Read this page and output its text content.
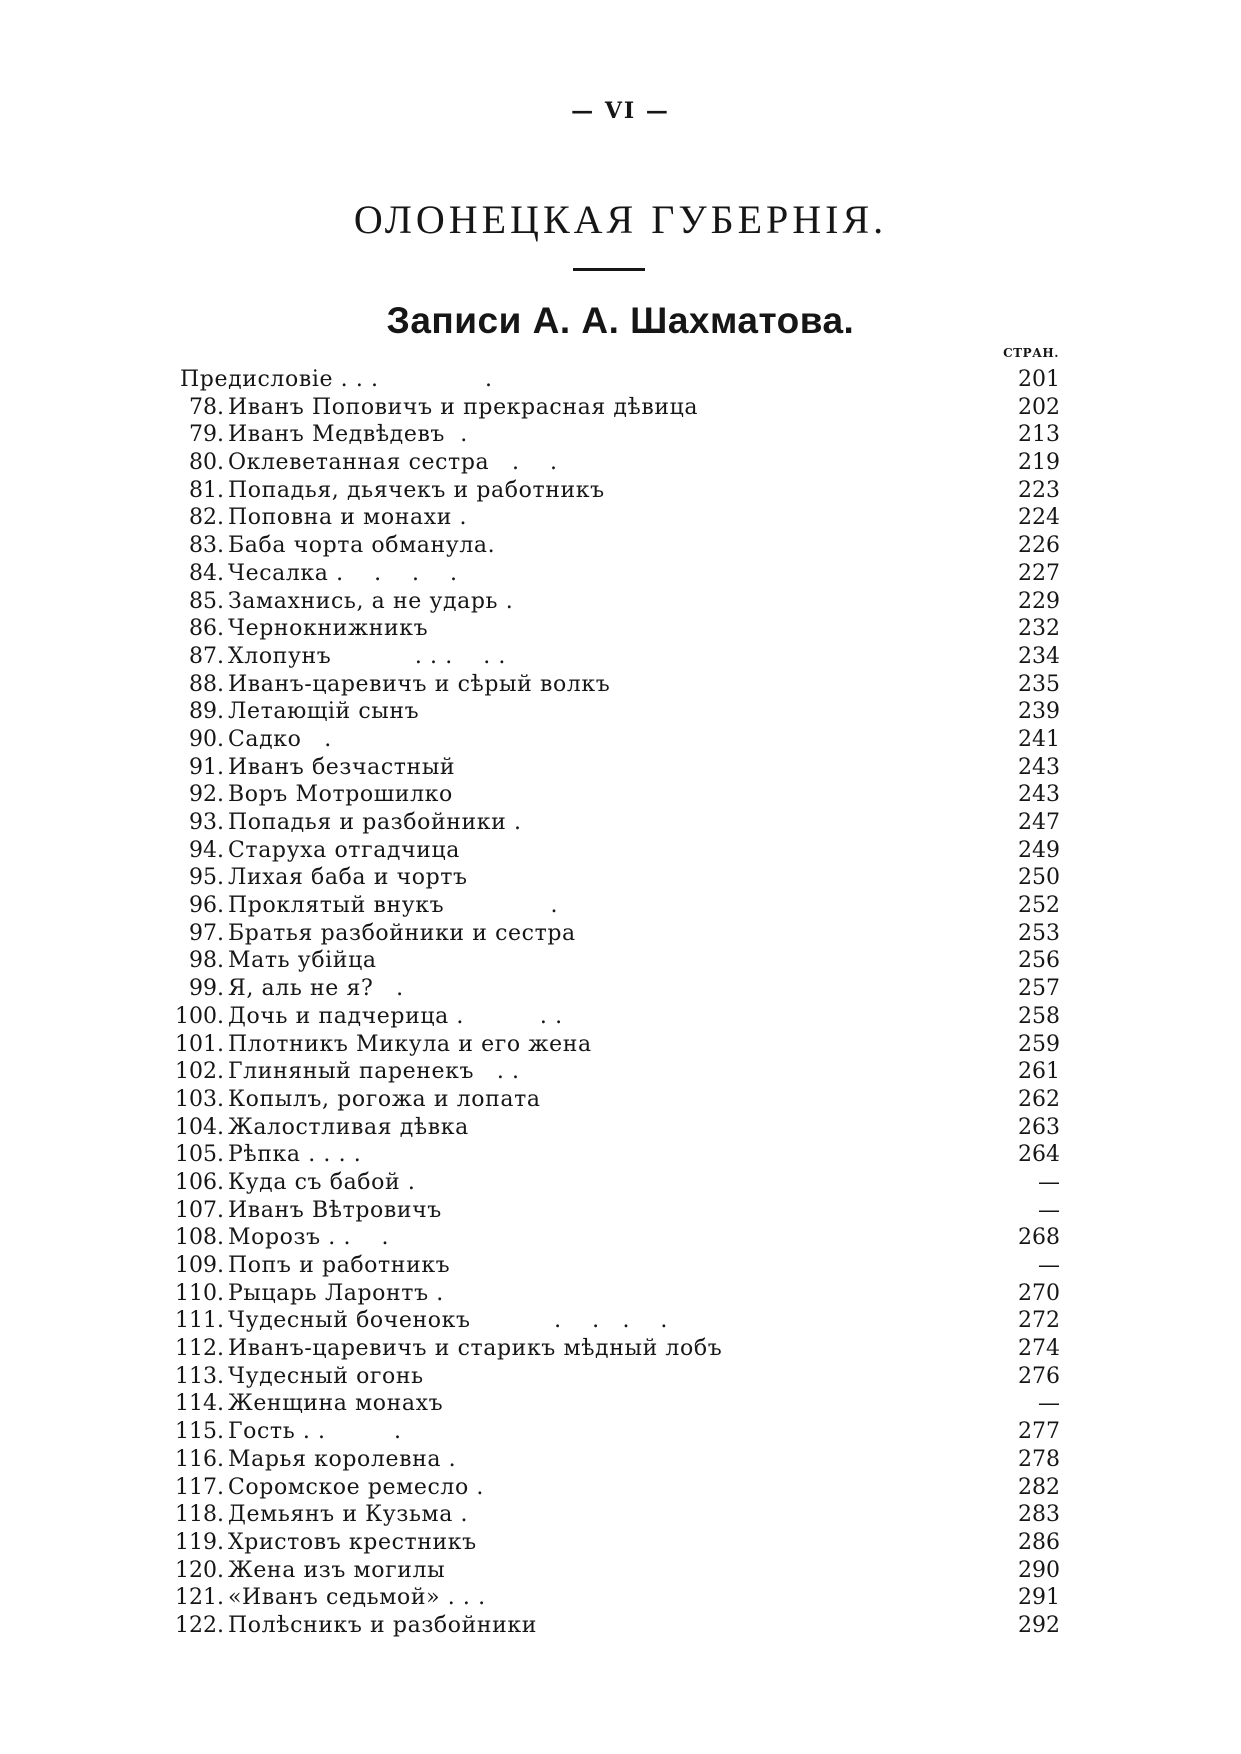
— VI —
ОЛОНЕЦКАЯ ГУБЕРНІЯ.
Записи А. А. Шахматова.
СТРАН.
Предисловіе . . .              .	201
78. Иванъ Поповичъ и прекрасная дѣвица	202
79. Иванъ Медвѣдевъ  .	213
80. Оклеветанная сестра   .    .	219
81. Попадья, дьячекъ и работникъ	223
82. Поповна и монахи .	224
83. Баба чорта обманула.	226
84. Чесалка .    .    .    .	227
85. Замахнись, а не ударь .	229
86. Чернокнижникъ	232
87. Хлопунъ           . . .    . .	234
88. Иванъ-царевичъ и сѣрый волкъ	235
89. Летающій сынъ	239
90. Садко   .	241
91. Иванъ безчастный	243
92. Воръ Мотрошилко	243
93. Попадья и разбойники .	247
94. Старуха отгадчица	249
95. Лихая баба и чортъ	250
96. Проклятый внукъ              .	252
97. Братья разбойники и сестра	253
98. Мать убійца	256
99. Я, аль не я?   .	257
100. Дочь и падчерица .          . .	258
101. Плотникъ Микула и его жена	259
102. Глиняный паренекъ   . .	261
103. Копылъ, рогожа и лопата	262
104. Жалостливая дѣвка	263
105. Рѣпка . . . .	264
106. Куда съ бабой .	—
107. Иванъ Вѣтровичъ	—
108. Морозъ . .    .	268
109. Попъ и работникъ	—
110. Рыцарь Ларонтъ .	270
111. Чудесный боченокъ           .    .   .    .	272
112. Иванъ-царевичъ и старикъ мѣдный лобъ	274
113. Чудесный огонь	276
114. Женщина монахъ	—
115. Гость . .         .	277
116. Марья королевна .	278
117. Соромское ремесло .	282
118. Демьянъ и Кузьма .	283
119. Христовъ крестникъ	286
120. Жена изъ могилы	290
121. «Иванъ седьмой» . . .	291
122. Полѣсникъ и разбойники	292
